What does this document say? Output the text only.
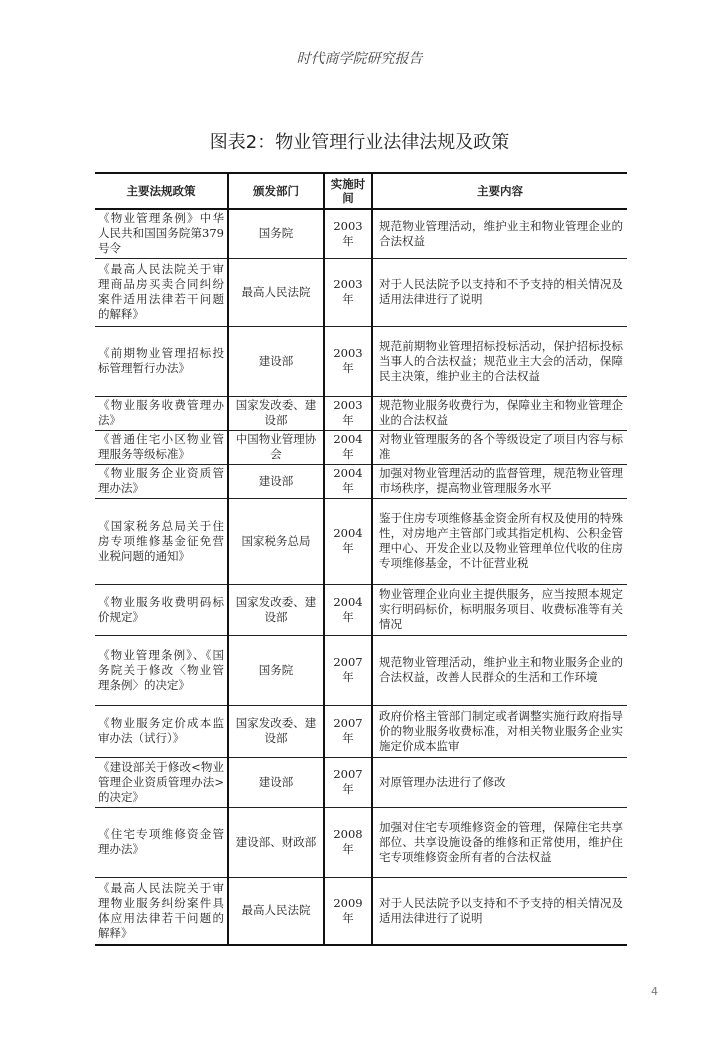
时代商学院研究报告
图表2：物业管理行业法律法规及政策
主要法规政策	颁发部门	实施时间	主要内容
《物业管理条例》中华人民共和国国务院第379号令	国务院	2003年	规范物业管理活动，维护业主和物业管理企业的合法权益
《最高人民法院关于审理商品房买卖合同纠纷案件适用法律若干问题的解释》	最高人民法院	2003年	对于人民法院予以支持和不予支持的相关情况及适用法律进行了说明
《前期物业管理招标投标管理暂行办法》	建设部	2003年	规范前期物业管理招标投标活动，保护招标投标当事人的合法权益；规范业主大会的活动，保障民主决策，维护业主的合法权益
《物业服务收费管理办法》	国家发改委、建设部	2003年	规范物业服务收费行为，保障业主和物业管理企业的合法权益
《普通住宅小区物业管理服务等级标准》	中国物业管理协会	2004年	对物业管理服务的各个等级设定了项目内容与标准
《物业服务企业资质管理办法》	建设部	2004年	加强对物业管理活动的监督管理，规范物业管理市场秩序，提高物业管理服务水平
《国家税务总局关于住房专项维修基金征免营业税问题的通知》	国家税务总局	2004年	鉴于住房专项维修基金资金所有权及使用的特殊性，对房地产主管部门或其指定机构、公积金管理中心、开发企业以及物业管理单位代收的住房专项维修基金，不计征营业税
《物业服务收费明码标价规定》	国家发改委、建设部	2004年	物业管理企业向业主提供服务，应当按照本规定实行明码标价，标明服务项目、收费标准等有关情况
《物业管理条例》、《国务院关于修改〈物业管理条例〉的决定》	国务院	2007年	规范物业管理活动，维护业主和物业服务企业的合法权益，改善人民群众的生活和工作环境
《物业服务定价成本监审办法（试行）》	国家发改委、建设部	2007年	政府价格主管部门制定或者调整实施行政府指导价的物业服务收费标准，对相关物业服务企业实施定价成本监审
《建设部关于修改<物业管理企业资质管理办法>的决定》	建设部	2007年	对原管理办法进行了修改
《住宅专项维修资金管理办法》	建设部、财政部	2008年	加强对住宅专项维修资金的管理，保障住宅共享部位、共享设施设备的维修和正常使用，维护住宅专项维修资金所有者的合法权益
《最高人民法院关于审理物业服务纠纷案件具体应用法律若干问题的解释》	最高人民法院	2009年	对于人民法院予以支持和不予支持的相关情况及适用法律进行了说明
4
